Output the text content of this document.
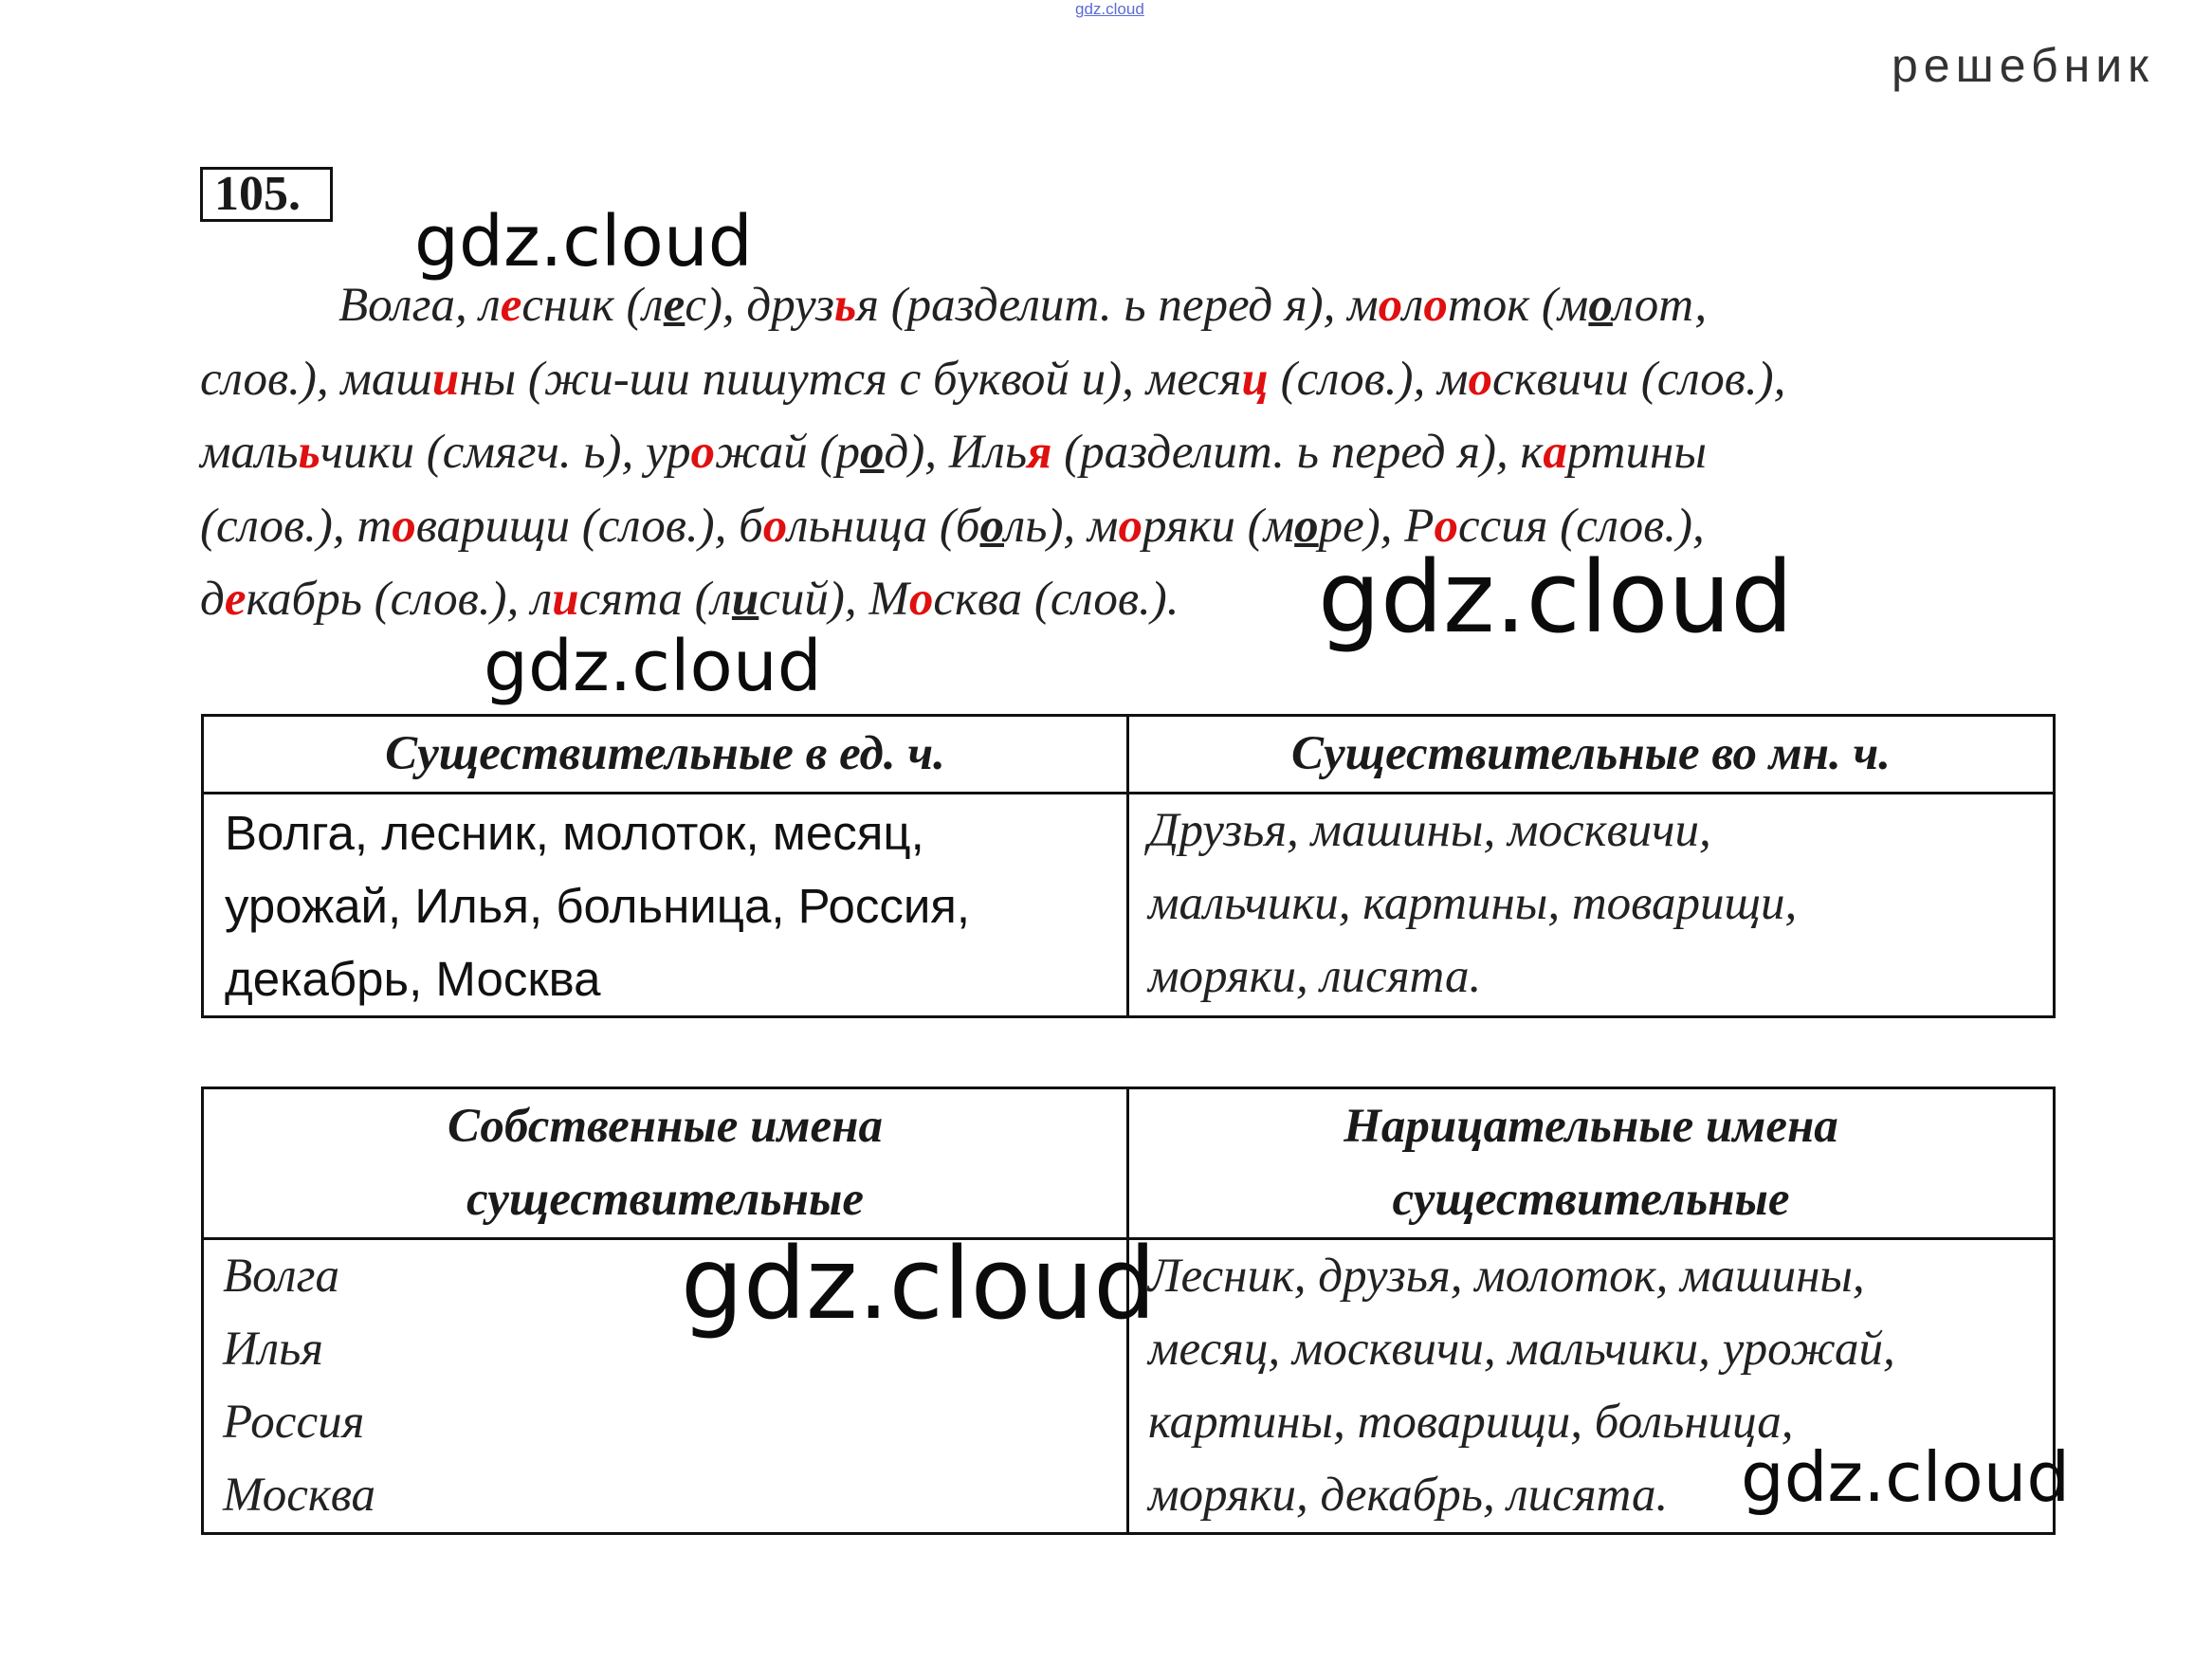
gdz.cloud
решебник
105.
Волга, лесник (лес), друзья (разделит. ь перед я), молоток (молот,
слов.), машины (жи-ши пишутся с буквой и), месяц (слов.), москвичи (слов.),
малььчики (смягч. ь), урожай (род), Илья (разделит. ь перед я), картины
(слов.), товарищи (слов.), больница (боль), моряки (море), Россия (слов.),
декабрь (слов.), лисята (лисий), Москва (слов.).
Существительные в ед. ч.	Существительные во мн. ч.

Волга, лесник, молоток, месяц,
урожай, Илья, больница, Россия,
декабрь, Москва	Друзья, машины, москвичи,
мальчики, картины, товарищи,
моряки, лисята.
Собственные имена
существительные	Нарицательные имена
существительные

Волга
Илья
Россия
Москва	Лесник, друзья, молоток, машины,
месяц, москвичи, мальчики, урожай,
картины, товарищи, больница,
моряки, декабрь, лисята.
gdz.cloud
gdz.cloud
gdz.cloud
gdz.cloud
gdz.cloud
